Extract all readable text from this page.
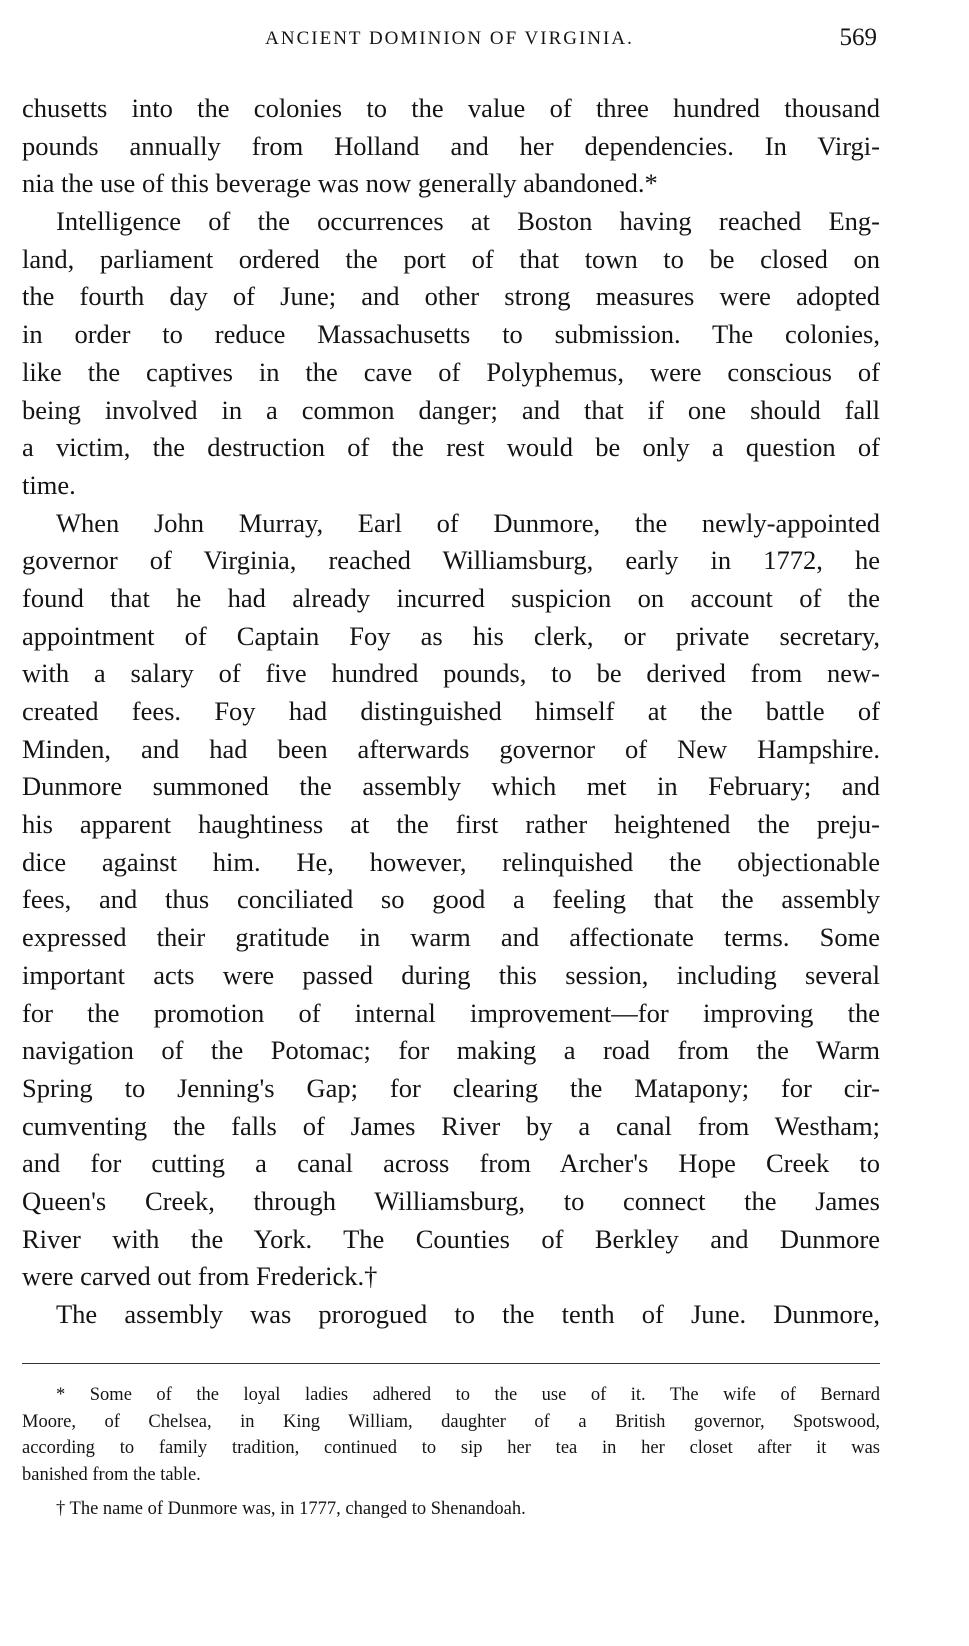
ANCIENT DOMINION OF VIRGINIA.	569
chusetts into the colonies to the value of three hundred thousand
pounds annually from Holland and her dependencies. In Virgi-
nia the use of this beverage was now generally abandoned.*
Intelligence of the occurrences at Boston having reached Eng-
land, parliament ordered the port of that town to be closed on
the fourth day of June; and other strong measures were adopted
in order to reduce Massachusetts to submission. The colonies,
like the captives in the cave of Polyphemus, were conscious of
being involved in a common danger; and that if one should fall
a victim, the destruction of the rest would be only a question of
time.
When John Murray, Earl of Dunmore, the newly-appointed
governor of Virginia, reached Williamsburg, early in 1772, he
found that he had already incurred suspicion on account of the
appointment of Captain Foy as his clerk, or private secretary,
with a salary of five hundred pounds, to be derived from new-
created fees. Foy had distinguished himself at the battle of
Minden, and had been afterwards governor of New Hampshire.
Dunmore summoned the assembly which met in February; and
his apparent haughtiness at the first rather heightened the preju-
dice against him. He, however, relinquished the objectionable
fees, and thus conciliated so good a feeling that the assembly
expressed their gratitude in warm and affectionate terms. Some
important acts were passed during this session, including several
for the promotion of internal improvement—for improving the
navigation of the Potomac; for making a road from the Warm
Spring to Jenning's Gap; for clearing the Matapony; for cir-
cumventing the falls of James River by a canal from Westham;
and for cutting a canal across from Archer's Hope Creek to
Queen's Creek, through Williamsburg, to connect the James
River with the York. The Counties of Berkley and Dunmore
were carved out from Frederick.†
The assembly was prorogued to the tenth of June. Dunmore,
* Some of the loyal ladies adhered to the use of it. The wife of Bernard
Moore, of Chelsea, in King William, daughter of a British governor, Spotswood,
according to family tradition, continued to sip her tea in her closet after it was
banished from the table.
† The name of Dunmore was, in 1777, changed to Shenandoah.
